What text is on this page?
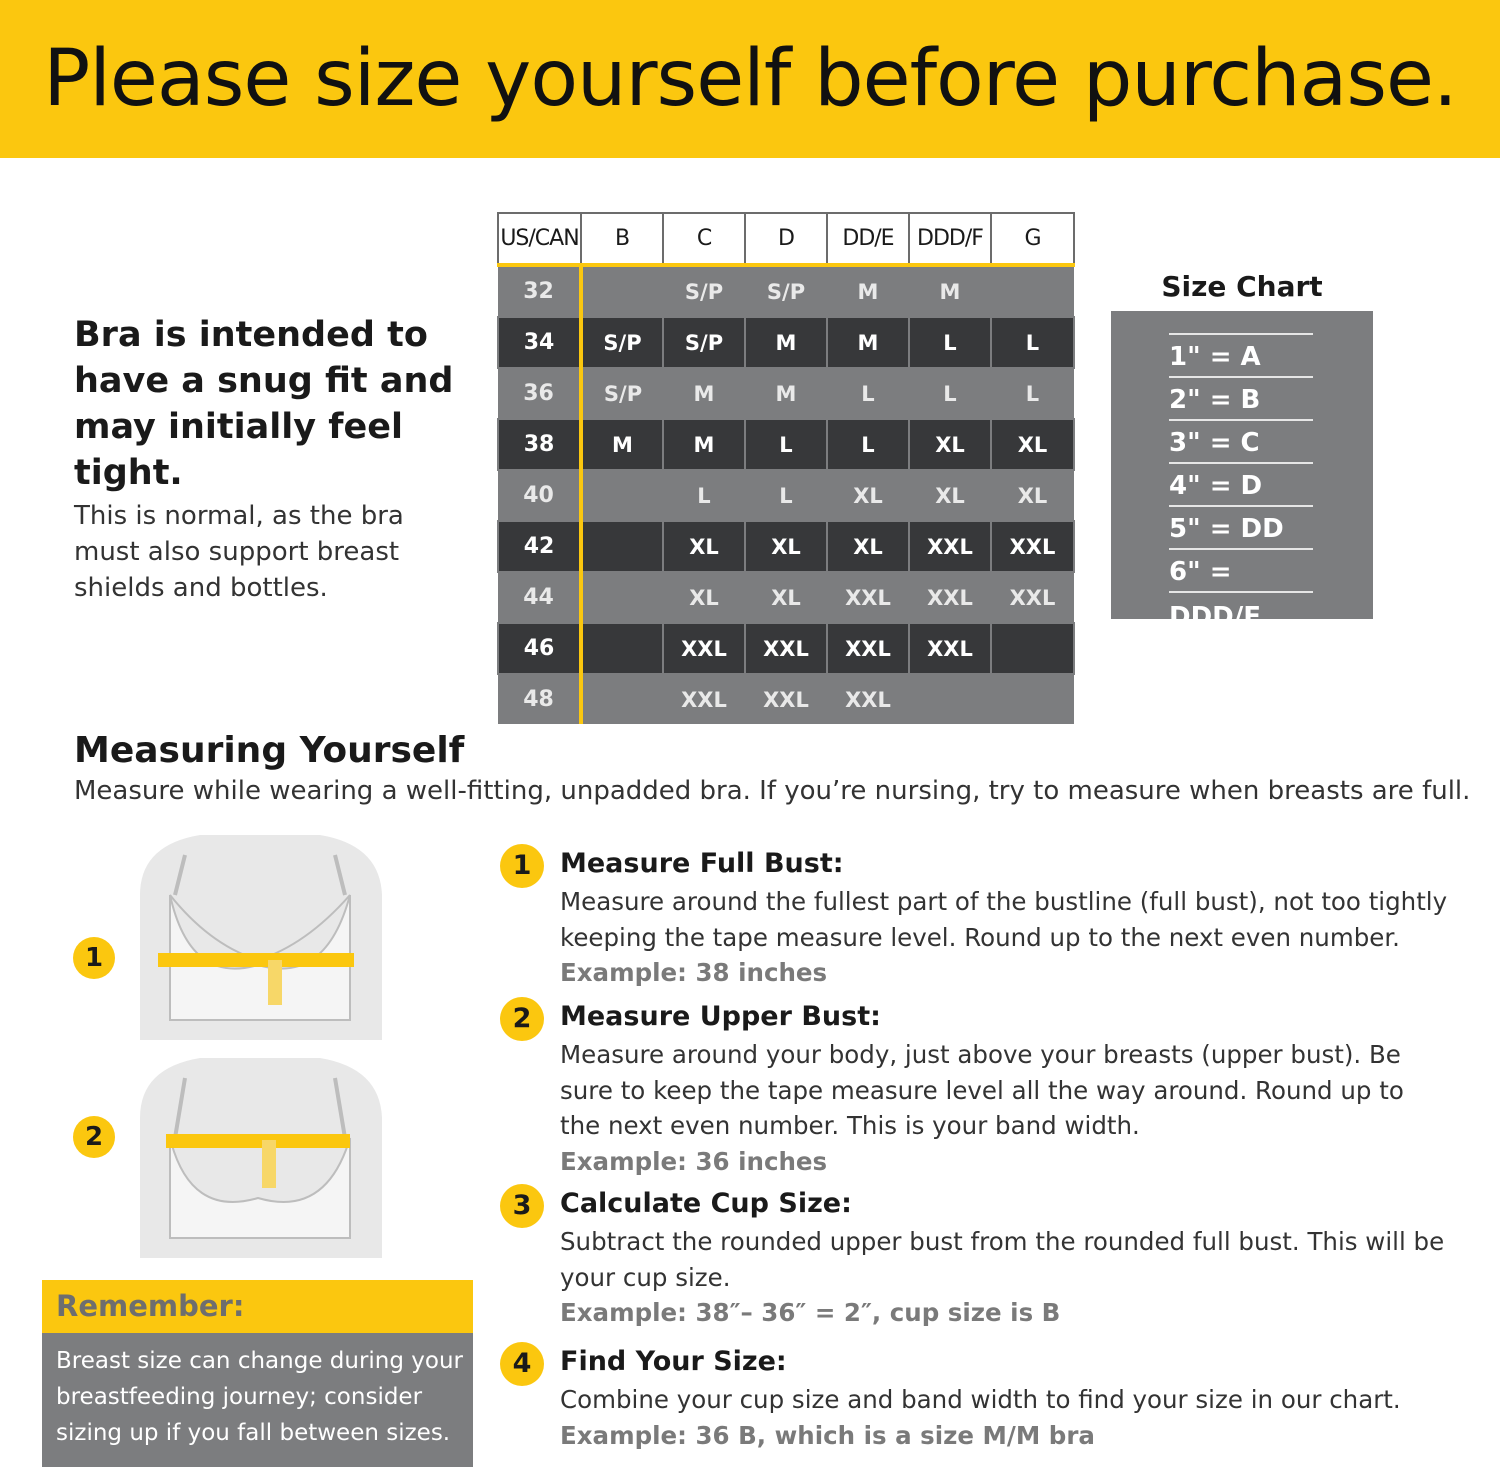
Please size yourself before purchase.
Bra is intended to have a snug fit and may initially feel tight.
This is normal, as the bra must also support breast shields and bottles.
US/CAN	B	C	D	DD/E	DDD/F	G
32		S/P	S/P	M	M	
34	S/P	S/P	M	M	L	L
36	S/P	M	M	L	L	L
38	M	M	L	L	XL	XL
40		L	L	XL	XL	XL
42		XL	XL	XL	XXL	XXL
44		XL	XL	XXL	XXL	XXL
46		XXL	XXL	XXL	XXL	
48		XXL	XXL	XXL		
Size Chart
1" = A
2" = B
3" = C
4" = D
5" = DD
6" = DDD/F
Measuring Yourself
Measure while wearing a well-fitting, unpadded bra. If you’re nursing, try to measure when breasts are full.
1
2
Remember:
Breast size can change during your breastfeeding journey; consider sizing up if you fall between sizes.
1	Measure Full Bust:
Measure around the fullest part of the bustline (full bust), not too tightly keeping the tape measure level. Round up to the next even number.
Example: 38 inches
2	Measure Upper Bust:
Measure around your body, just above your breasts (upper bust). Be sure to keep the tape measure level all the way around. Round up to the next even number. This is your band width.
Example: 36 inches
3	Calculate Cup Size:
Subtract the rounded upper bust from the rounded full bust. This will be your cup size.
Example: 38″– 36″ = 2″, cup size is B
4	Find Your Size:
Combine your cup size and band width to find your size in our chart.
Example: 36 B, which is a size M/M bra
